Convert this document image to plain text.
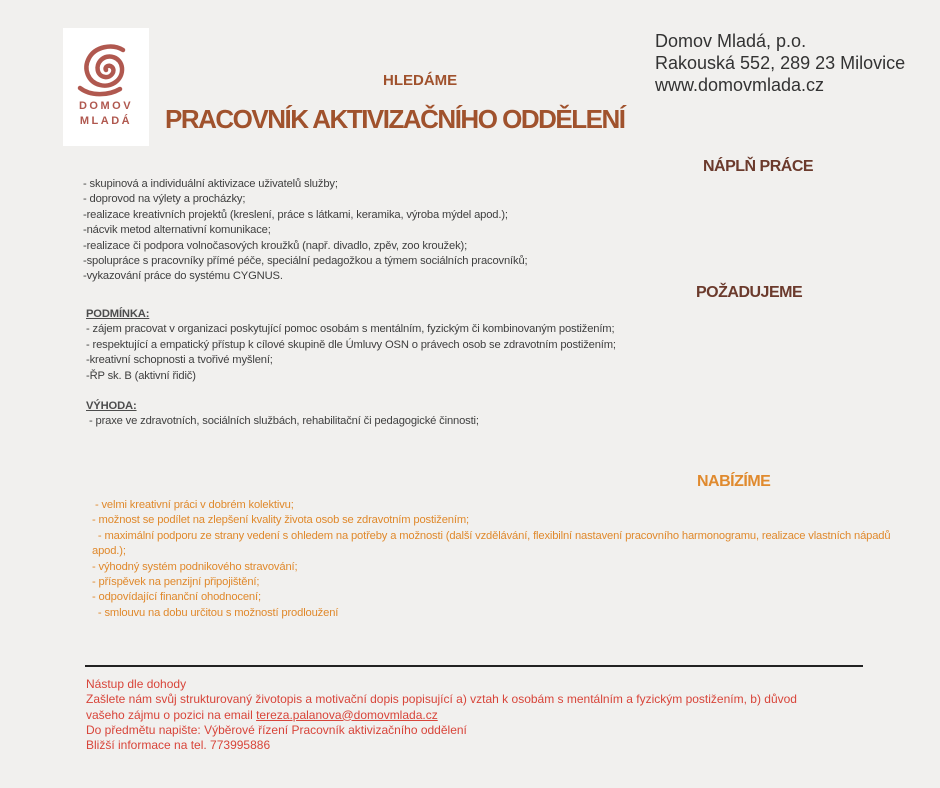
DOMOV
MLADÁ
Domov Mladá, p.o.
Rakouská 552, 289 23 Milovice
www.domovmlada.cz
HLEDÁME
PRACOVNÍK AKTIVIZAČNÍHO ODDĚLENÍ
NÁPLŇ PRÁCE
- skupinová a individuální aktivizace uživatelů služby;
- doprovod na výlety a procházky;
-realizace kreativních projektů (kreslení, práce s látkami, keramika, výroba mýdel apod.);
-nácvik metod alternativní komunikace;
-realizace či podpora volnočasových kroužků (např. divadlo, zpěv, zoo kroužek);
-spolupráce s pracovníky přímé péče, speciální pedagožkou a týmem sociálních pracovníků;
-vykazování práce do systému CYGNUS.
POŽADUJEME
PODMÍNKA:
- zájem pracovat v organizaci poskytující pomoc osobám s mentálním, fyzickým či kombinovaným postižením;
- respektující a empatický přístup k cílové skupině dle Úmluvy OSN o právech osob se zdravotním postižením;
-kreativní schopnosti a tvořivé myšlení;
-ŘP sk. B (aktivní řidič)
VÝHODA:
- praxe ve zdravotních, sociálních službách, rehabilitační či pedagogické činnosti;
NABÍZÍME
- velmi kreativní práci v dobrém kolektivu;
- možnost se podílet na zlepšení kvality života osob se zdravotním postižením;
- maximální podporu ze strany vedení s ohledem na potřeby a možnosti (další vzdělávání, flexibilní nastavení pracovního harmonogramu, realizace vlastních nápadů apod.);
- výhodný systém podnikového stravování;
- příspěvek na penzijní připojištění;
- odpovídající finanční ohodnocení;
- smlouvu na dobu určitou s možností prodloužení
Nástup dle dohody
Zašlete nám svůj strukturovaný životopis a motivační dopis popisující a) vztah k osobám s mentálním a fyzickým postižením, b) důvod
vašeho zájmu o pozici na email tereza.palanova@domovmlada.cz
Do předmětu napište: Výběrové řízení Pracovník aktivizačního oddělení
Bližší informace na tel. 773995886
